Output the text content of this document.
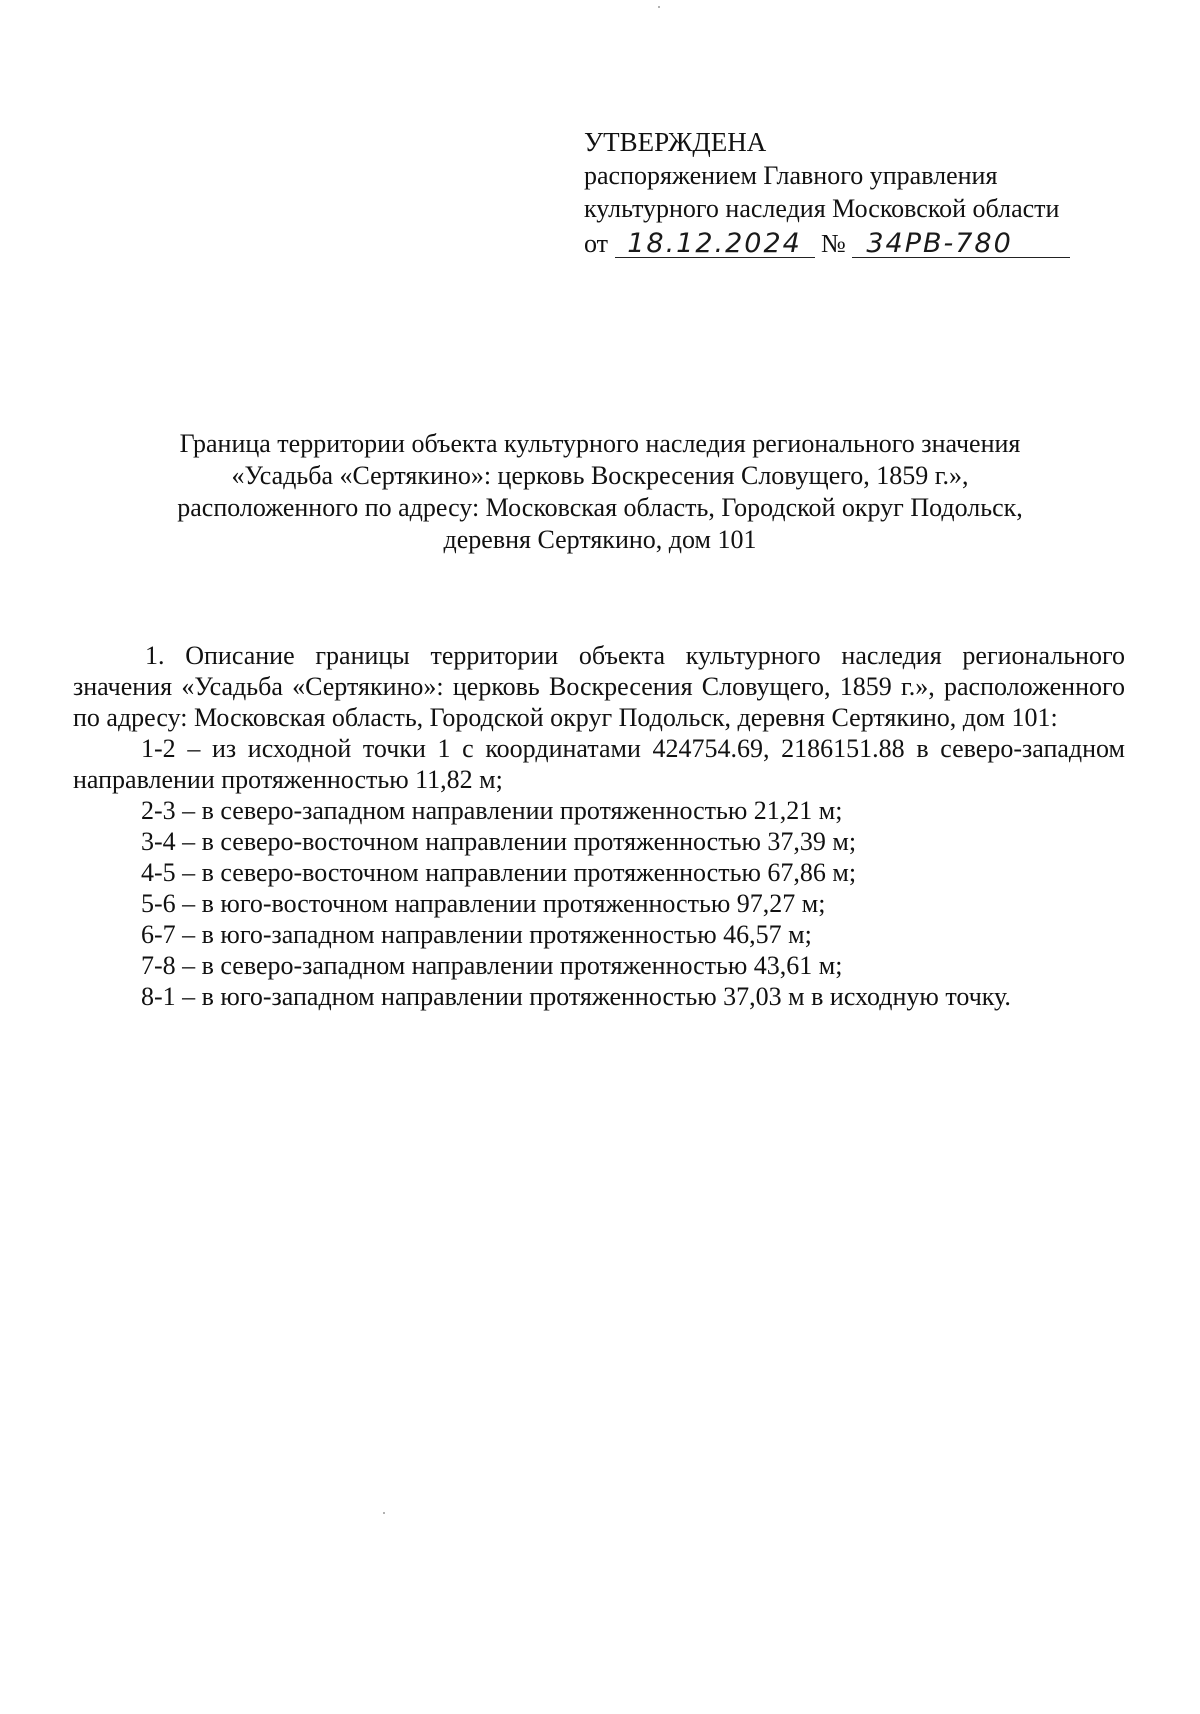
УТВЕРЖДЕНА
распоряжением Главного управления
культурного наследия Московской области
от 18.12.2024 № 34РВ-780
Граница территории объекта культурного наследия регионального значения
«Усадьба «Сертякино»: церковь Воскресения Словущего, 1859 г.»,
расположенного по адресу: Московская область, Городской округ Подольск,
деревня Сертякино, дом 101

1. Описание границы территории объекта культурного наследия регионального значения «Усадьба «Сертякино»: церковь Воскресения Словущего, 1859 г.», расположенного по адресу: Московская область, Городской округ Подольск, деревня Сертякино, дом 101:

1-2 – из исходной точки 1 с координатами 424754.69, 2186151.88 в северо-западном направлении протяженностью 11,82 м;
2-3 – в северо-западном направлении протяженностью 21,21 м;
3-4 – в северо-восточном направлении протяженностью 37,39 м;
4-5 – в северо-восточном направлении протяженностью 67,86 м;
5-6 – в юго-восточном направлении протяженностью 97,27 м;
6-7 – в юго-западном направлении протяженностью 46,57 м;
7-8 – в северо-западном направлении протяженностью 43,61 м;
8-1 – в юго-западном направлении протяженностью 37,03 м в исходную точку.
